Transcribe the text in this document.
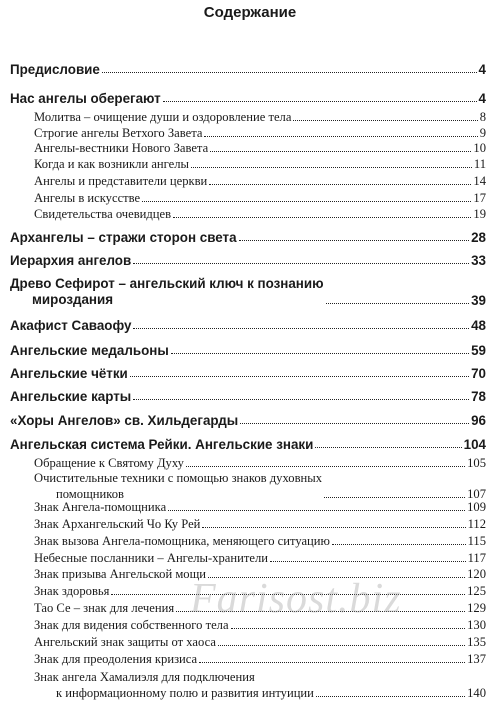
Содержание
Предисловие	4
Нас ангелы оберегают	4
Молитва – очищение души и оздоровление тела	8
Строгие ангелы Ветхого Завета	9
Ангелы-вестники Нового Завета	10
Когда и как возникли ангелы	11
Ангелы и представители церкви	14
Ангелы в искусстве	17
Свидетельства очевидцев	19
Архангелы – стражи сторон света	28
Иерархия ангелов	33
Древо Сефирот – ангельский ключ к познанию
мироздания	39
Акафист Саваофу	48
Ангельские медальоны	59
Ангельские чётки	70
Ангельские карты	78
«Хоры Ангелов» св. Хильдегарды	96
Ангельская система Рейки. Ангельские знаки	104
Обращение к Святому Духу	105
Очистительные техники с помощью знаков духовных
помощников	107
Знак Ангела-помощника	109
Знак Архангельский Чо Ку Рей	112
Знак вызова Ангела-помощника, меняющего ситуацию	115
Небесные посланники – Ангелы-хранители	117
Знак призыва Ангельской мощи	120
Знак здоровья	125
Тао Се – знак для лечения	129
Знак для видения собственного тела	130
Ангельский знак защиты от хаоса	135
Знак для преодоления кризиса	137
Знак ангела Хамалиэля для подключения
к информационному полю и развития интуиции	140
Farisost.biz
